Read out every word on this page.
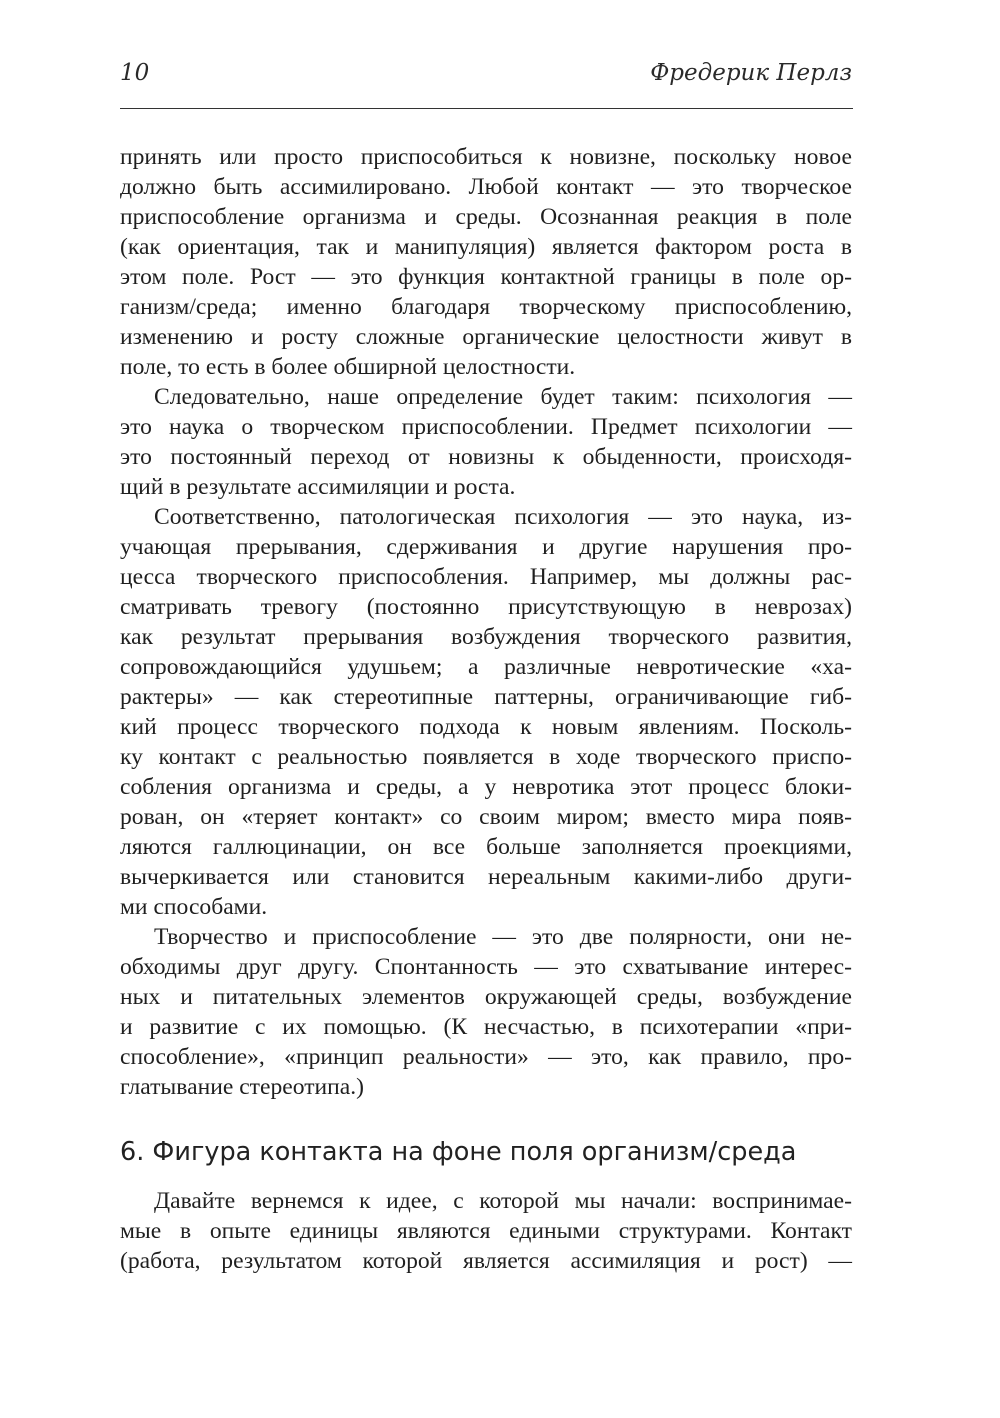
10	Фредерик Перлз
принять или просто приспособиться к новизне, поскольку новое
должно быть ассимилировано. Любой контакт — это творческое
приспособление организма и среды. Осознанная реакция в поле
(как ориентация, так и манипуляция) является фактором роста в
этом поле. Рост — это функция контактной границы в поле ор-
ганизм/среда; именно благодаря творческому приспособлению,
изменению и росту сложные органические целостности живут в
поле, то есть в более обширной целостности.
Следовательно, наше определение будет таким: психология —
это наука о творческом приспособлении. Предмет психологии —
это постоянный переход от новизны к обыденности, происходя-
щий в результате ассимиляции и роста.
Соответственно, патологическая психология — это наука, из-
учающая прерывания, сдерживания и другие нарушения про-
цесса творческого приспособления. Например, мы должны рас-
сматривать тревогу (постоянно присутствующую в неврозах)
как результат прерывания возбуждения творческого развития,
сопровождающийся удушьем; а различные невротические «ха-
рактеры» — как стереотипные паттерны, ограничивающие гиб-
кий процесс творческого подхода к новым явлениям. Посколь-
ку контакт с реальностью появляется в ходе творческого приспо-
собления организма и среды, а у невротика этот процесс блоки-
рован, он «теряет контакт» со своим миром; вместо мира появ-
ляются галлюцинации, он все больше заполняется проекциями,
вычеркивается или становится нереальным какими-либо други-
ми способами.
Творчество и приспособление — это две полярности, они не-
обходимы друг другу. Спонтанность — это схватывание интерес-
ных и питательных элементов окружающей среды, возбуждение
и развитие с их помощью. (К несчастью, в психотерапии «при-
способление», «принцип реальности» — это, как правило, про-
глатывание стереотипа.)
6. Фигура контакта на фоне поля организм/среда
Давайте вернемся к идее, с которой мы начали: воспринимае-
мые в опыте единицы являются едиными структурами. Контакт
(работа, результатом которой является ассимиляция и рост) —
